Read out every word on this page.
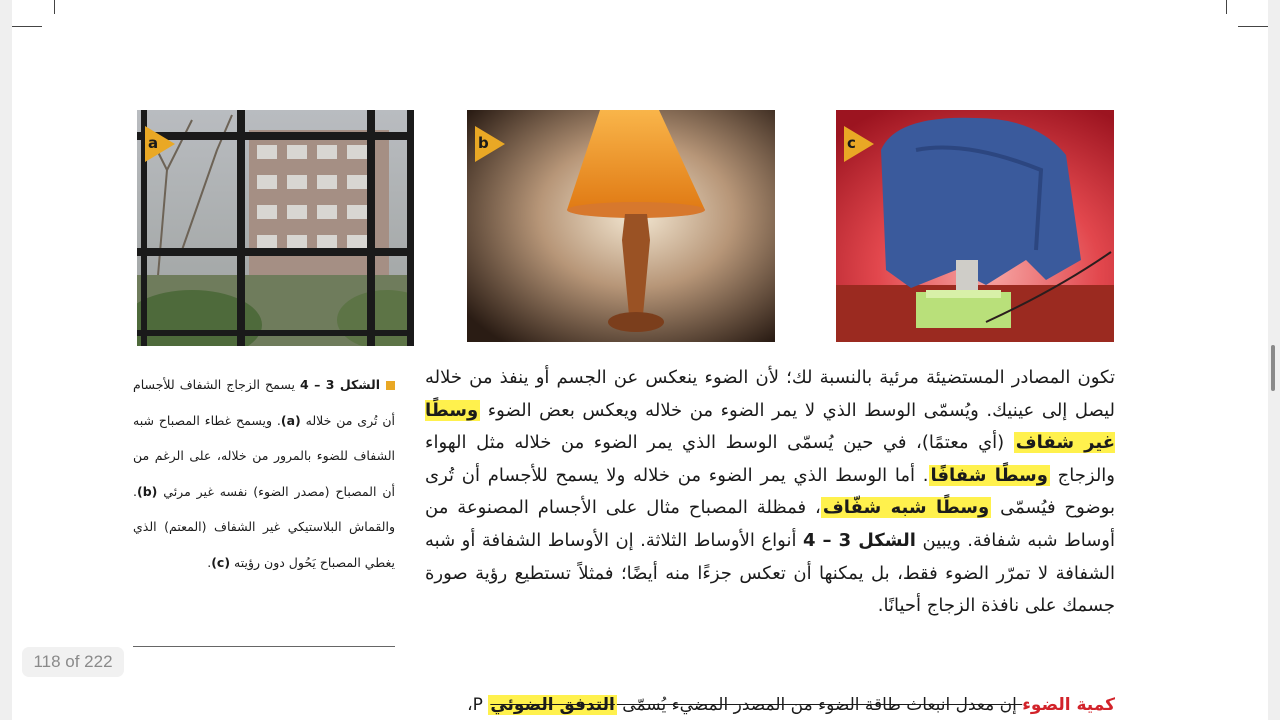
a	b	c
الشكل 3 – 4 يسمح الزجاج الشفاف للأجسام أن تُرى من خلاله (a). ويسمح غطاء المصباح شبه الشفاف للضوء بالمرور من خلاله، على الرغم من أن المصباح (مصدر الضوء) نفسه غير مرئي (b). والقماش البلاستيكي غير الشفاف (المعتم) الذي يغطي المصباح يَحُول دون رؤيته (c).
تكون المصادر المستضيئة مرئية بالنسبة لك؛ لأن الضوء ينعكس عن الجسم أو ينفذ من خلاله ليصل إلى عينيك. ويُسمّى الوسط الذي لا يمر الضوء من خلاله ويعكس بعض الضوء وسطًا غير شفاف (أي معتمًا)، في حين يُسمّى الوسط الذي يمر الضوء من خلاله مثل الهواء والزجاج وسطًا شفافًا. أما الوسط الذي يمر الضوء من خلاله ولا يسمح للأجسام أن تُرى بوضوح فيُسمّى وسطًا شبه شفّاف، فمظلة المصباح مثال على الأجسام المصنوعة من أوساط شبه شفافة. ويبين الشكل 3 – 4 أنواع الأوساط الثلاثة. إن الأوساط الشفافة أو شبه الشفافة لا تمرّر الضوء فقط، بل يمكنها أن تعكس جزءًا منه أيضًا؛ فمثلاً تستطيع رؤية صورة جسمك على نافذة الزجاج أحيانًا.
كمية الضوء إن معدل انبعاث طاقة الضوء من المصدر المضيء يُسمّى التدفق الضوئي P،
118 of 222
